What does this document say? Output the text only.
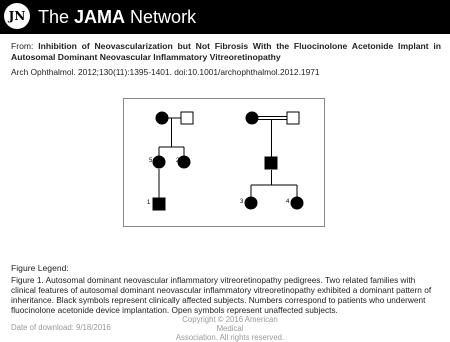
JN The JAMA Network
From: Inhibition of Neovascularization but Not Fibrosis With the Fluocinolone Acetonide Implant in Autosomal Dominant Neovascular Inflammatory Vitreoretinopathy
Arch Ophthalmol. 2012;130(11):1395-1401. doi:10.1001/archophthalmol.2012.1971
5	2
1	3	4
Figure Legend:
Figure 1. Autosomal dominant neovascular inflammatory vitreoretinopathy pedigrees. Two related families with clinical features of autosomal dominant neovascular inflammatory vitreoretinopathy exhibited a dominant pattern of inheritance. Black symbols represent clinically affected subjects. Numbers correspond to patients who underwent fluocinolone acetonide device implantation. Open symbols represent unaffected subjects.
Date of download: 9/18/2016
Copyright © 2016 American Medical
Association. All rights reserved.
